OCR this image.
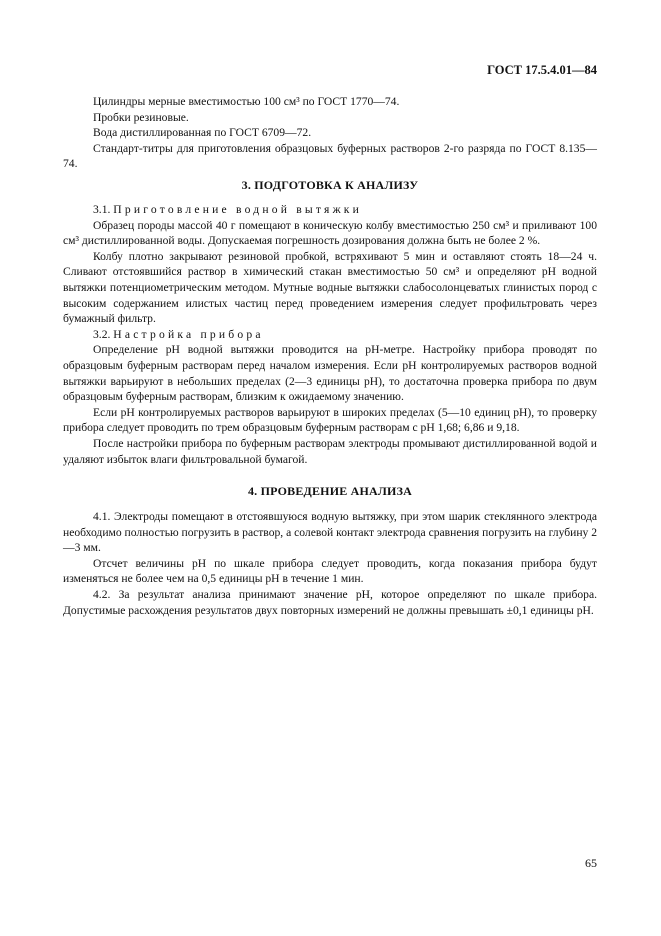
ГОСТ 17.5.4.01—84

Цилиндры мерные вместимостью 100 см³ по ГОСТ 1770—74.

Пробки резиновые.

Вода дистиллированная по ГОСТ 6709—72.

Стандарт-титры для приготовления образцовых буферных растворов 2-го разряда по ГОСТ 8.135—74.

3. ПОДГОТОВКА К АНАЛИЗУ

3.1. Приготовление водной вытяжки

Образец породы массой 40 г помещают в коническую колбу вместимостью 250 см³ и приливают 100 см³ дистиллированной воды. Допускаемая погрешность дозирования должна быть не более 2 %.

Колбу плотно закрывают резиновой пробкой, встряхивают 5 мин и оставляют стоять 18—24 ч. Сливают отстоявшийся раствор в химический стакан вместимостью 50 см³ и определяют pH водной вытяжки потенциометрическим методом. Мутные водные вытяжки слабосолонцеватых глинистых пород с высоким содержанием илистых частиц перед проведением измерения следует профильтровать через бумажный фильтр.

3.2. Настройка прибора

Определение pH водной вытяжки проводится на pH-метре. Настройку прибора проводят по образцовым буферным растворам перед началом измерения. Если pH контролируемых растворов водной вытяжки варьируют в небольших пределах (2—3 единицы pH), то достаточна проверка прибора по двум образцовым буферным растворам, близким к ожидаемому значению.

Если pH контролируемых растворов варьируют в широких пределах (5—10 единиц pH), то проверку прибора следует проводить по трем образцовым буферным растворам с pH 1,68; 6,86 и 9,18.

После настройки прибора по буферным растворам электроды промывают дистиллированной водой и удаляют избыток влаги фильтровальной бумагой.

4. ПРОВЕДЕНИЕ АНАЛИЗА

4.1. Электроды помещают в отстоявшуюся водную вытяжку, при этом шарик стеклянного электрода необходимо полностью погрузить в раствор, а солевой контакт электрода сравнения погрузить на глубину 2—3 мм.

Отсчет величины pH по шкале прибора следует проводить, когда показания прибора будут изменяться не более чем на 0,5 единицы pH в течение 1 мин.

4.2. За результат анализа принимают значение pH, которое определяют по шкале прибора. Допустимые расхождения результатов двух повторных измерений не должны превышать ±0,1 единицы pH.

65
